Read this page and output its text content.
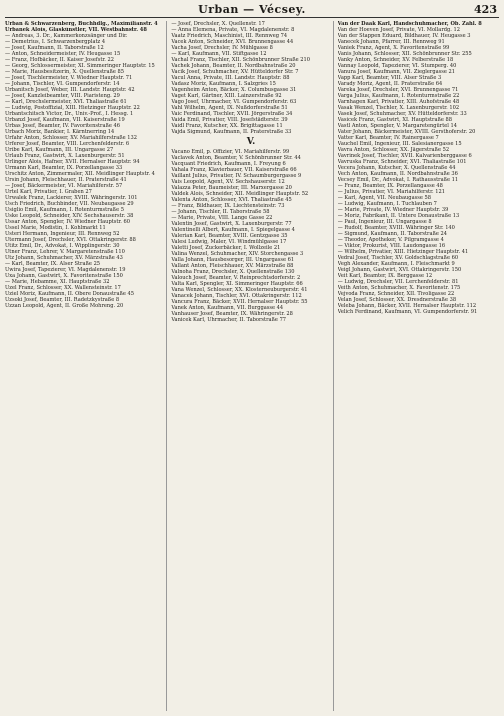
Urban — Vécsey.	423
Urban & Schwarzenberg, Buchhdlg., Maximilianstr. 4
Urbanek Alois, Glaskünstler, VII. Westbahnstr. 48
— Andreas, 3. Dr., Kammerkonzsänger und Dir.
— Demetrius, I. Schwarzenbergplatz 4
— Josef, Kaufmann, II. Taborstraße 12
— Anton, Schneidermeister, IV. Heugasse 15
— Franz, Hofbäcker, II. Kaiser Josefstr. 22
— Georg, Schlossermeister, XI. Simmeringer Hauptstr. 15
— Marie, Hausbesitzerin, X. Quellenstraße 85
— Josef, Tischlermeister, V. Wiedner Hauptstr. 71
— Johann, Tischler, VI. Gumpendorferstr. 14
Urbanitsch Josef, Weber, III. Landstr. Hauptstr. 42
— Josef, Kanzleibeamter, VIII. Piaristeng. 29
— Karl, Drechslermeister, XVI. Thaliastraße 61
— Ludwig, Postoffizial, XIII. Hietzinger Hauptstr. 22
Urbantschitsch Victor, Dr., Univ.-Prof., I. Hessg. 1
Urbanzl Josef, Kaufmann, VII. Kaiserstraße 19
Urbas Josef, Beamter, IV. Favoritenstraße 46
Urbach Moriz, Bankier, I. Kärntnerring 14
Urfahr Anton, Schlosser, XV. Mariahilferstraße 132
Urferer Josef, Beamter, VIII. Lerchenfelderstr. 6
Uribe Karl, Kaufmann, III. Ungargasse 27
Urlaub Franz, Gastwirt, X. Laxenburgerstr. 51
Urlinger Alois, Hafner, XVII. Hernalser Hauptstr. 94
Urmann Karl, Beamter, IX. Porzellangasse 33
Urschitz Anton, Zimmermaler, XII. Meidlinger Hauptstr. 4
Ursin Johann, Fleischhauer, II. Praterstraße 41
— Josef, Bäckermeister, VI. Mariahilferstr. 57
Urtel Karl, Privatier, I. Graben 27
Urwalek Franz, Lackierer, XVIII. Währingerstr. 101
Usch Friedrich, Buchbinder, VII. Neubaugasse 29
Usiglio Emil, Kaufmann, I. Rotenturmstraße 5
Uske Leopold, Schneider, XIV. Sechshauserstr. 38
Ussar Anton, Spengler, IV. Wiedner Hauptstr. 60
Ussel Marie, Modistin, I. Kohlmarkt 11
Usteri Hermann, Ingenieur, III. Rennweg 52
Utermann Josef, Drechsler, XVI. Ottakringerstr. 88
Utitz Emil, Dr., Advokat, I. Wipplingerstr. 30
Utner Franz, Lehrer, V. Margaretenstraße 110
Utz Johann, Schuhmacher, XV. Märzstraße 43
— Karl, Beamter, IX. Alser Straße 25
Uwira Josef, Tapezierer, VI. Magdalenenstr. 19
Uxa Johann, Gastwirt, X. Favoritenstraße 150
— Marie, Hebamme, XI. Hauptstraße 32
Uzel Franz, Schlosser, XX. Wallensteinstr. 17
Uziel Moriz, Kaufmann, II. Obere Donaustraße 45
Uzsoki Josef, Beamter, III. Radetzkystraße 8
Uzzan Leopold, Agent, II. Große Mohreng. 20
— Josef, Drechsler, X. Quellenstr. 17
— Anna Elemena, Private, VI. Magdalenenstr. 8
Vaatz Friedrich, Maschinist, III. Rennweg 74
Vacek Anton, Schneider, XVI. Brunnengasse 44
Vacha Josef, Drechsler, IV. Mühlgasse 8
— Karl, Kaufmann, VII. Stiftgasse 12
Vachal Franz, Tischler, XII. Schönbrunner Straße 210
Vachek Johann, Beamter, II. Nordbahnstraße 20
Vacik Josef, Schuhmacher, XV. Hütteldorfer Str. 7
Vacul Anna, Private, III. Landstr. Hauptstr. 88
Vadasz Moriz, Kaufmann, I. Salzgries 15
Vagenheim Anton, Bäcker, X. Columbusgasse 31
Vaget Karl, Gärtner, XIII. Lainzerstraße 92
Vago Josef, Uhrmacher, VI. Gumpendorferstr. 63
Vahl Wilhelm, Agent, IX. Nußdorferstraße 51
Vaic Ferdinand, Tischler, XVII. Jörgerstraße 34
Vaida Emil, Privatier, VIII. Josefstädterstr. 39
Vaidl Franz, Kutscher, XX. Brigittagasse 11
Vajda Sigmund, Kaufmann, II. Praterstraße 33
V.
Vacano Emil, p. Offizier, VI. Mariahilferstr. 99
Vaclavek Anton, Beamter, V. Schönbrunner Str. 44
Vacquant Friedrich, Kaufmann, I. Freyung 6
Vahala Franz, Klavierbauer, VII. Kaiserstraße 66
Vaillant Julius, Privatier, IV. Schaumburgergasse 9
Vais Leopold, Agent, XV. Sechshauserstr. 12
Valazza Peter, Baumeister, III. Marxergasse 20
Valdek Alois, Schneider, XII. Meidlinger Hauptstr. 52
Valenta Anton, Schlosser, XVI. Thaliastraße 45
— Franz, Bildhauer, IX. Liechtensteinstr. 73
— Johann, Tischler, II. Taborstraße 58
— Marie, Private, VIII. Lange Gasse 22
Valentin Josef, Gastwirt, X. Laxenburgerstr. 77
Valentinelli Albert, Kaufmann, I. Spiegelgasse 4
Valerian Karl, Beamter, XVIII. Gentzgasse 35
Valesi Ludwig, Maler, VI. Windmühlgasse 17
Valetti Josef, Zuckerbäcker, I. Wollzeile 21
Valina Wenzel, Schuhmacher, XIV. Storchengasse 3
Valla Johann, Hausbesorger, III. Ungargasse 61
Vallant Anton, Fleischhauer, XV. Märzstraße 88
Valnoha Franz, Drechsler, X. Quellenstraße 130
Valouch Josef, Beamter, V. Reinprechtsdorferstr. 2
Valta Karl, Spengler, XI. Simmeringer Hauptstr. 66
Vana Wenzel, Schlosser, XX. Klosterneuburgerstr. 41
Vanacek Johann, Tischler, XVI. Ottakringerstr. 112
Vancura Franz, Bäcker, XVII. Hernalser Hauptstr. 55
Vanek Anton, Kaufmann, VII. Burggasse 44
Vanhauser Josef, Beamter, IX. Währingerstr. 28
Vanicek Karl, Uhrmacher, II. Taborstraße 77
Van der Daak Karl, Handschuhmacher, Ob. Zahl. 8
Van der Hoeven Josef, Private, VI. Mollardg. 12
Van der Stappen Eduard, Bildhauer, IV. Heugasse 3
Vanecek Johann, Pfarrer, III. Rennweg 91
Vaniek Franz, Agent, X. Favoritenstraße 99
Vanis Johann, Schlosser, XII. Schönbrunner Str. 255
Vanky Anton, Schneider, XV. Felberstraße 18
Vannay Leopold, Tapezierer, VI. Stumperg. 40
Vanura Josef, Kaufmann, VII. Zieglergasse 21
Vapp Karl, Beamter, VIII. Alser Straße 3
Varady Moriz, Agent, II. Praterstraße 64
Vareka Josef, Drechsler, XVI. Brunnengasse 71
Varga Julius, Kaufmann, I. Rotenturmstraße 22
Varnhagen Karl, Privatier, XIII. Auhofstraße 48
Vasak Wenzel, Tischler, X. Laxenburgerstr. 102
Vasek Josef, Schuhmacher, XV. Hütteldorferstr. 33
Vasicek Franz, Gastwirt, XI. Hauptstraße 88
Vastl Anton, Spengler, V. Margaretengürtel 14
Vater Johann, Bäckermeister, XVIII. Gersthoferstr. 20
Vatter Karl, Beamter, IV. Rainergasse 7
Vauchel Emil, Ingenieur, III. Salesianergasse 15
Vavra Anton, Schlosser, XX. Jägerstraße 52
Vavrinek Josef, Tischler, XVII. Kalvarienberggasse 6
Vavruska Franz, Schneider, XVI. Thaliastraße 101
Vecera Johann, Kutscher, X. Quellenstraße 44
Vech Anton, Kaufmann, II. Nordbahnstraße 36
Vecsey Emil, Dr., Advokat, I. Rathausstraße 11
— Franz, Beamter, IX. Porzellangasse 48
— Julius, Privatier, VI. Mariahilferstr. 121
— Karl, Agent, VII. Neubaugasse 58
— Ludwig, Kaufmann, I. Tuchlauben 7
— Marie, Private, IV. Wiedner Hauptstr. 39
— Moriz, Fabrikant, II. Untere Donaustraße 13
— Paul, Ingenieur, III. Ungargasse 8
— Rudolf, Beamter, XVIII. Währinger Str. 140
— Sigmund, Kaufmann, II. Taborstraße 24
— Theodor, Apotheker, V. Pilgramgasse 4
— Viktor, Prokurist, VIII. Laudongasse 16
— Wilhelm, Privatier, XIII. Hietzinger Hauptstr. 41
Vedral Josef, Tischler, XV. Goldschlagstraße 60
Vegh Alexander, Kaufmann, I. Fleischmarkt 9
Veigl Johann, Gastwirt, XVI. Ottakringerstr. 150
Veit Karl, Beamter, IX. Berggasse 12
— Ludwig, Drechsler, VII. Lerchenfelderstr. 81
Veith Anton, Schuhmacher, X. Favoritenstr. 175
Vejvoda Franz, Schneider, XII. Tivoligasse 22
Velan Josef, Schlosser, XX. Dresdnerstraße 38
Veleba Johann, Bäcker, XVII. Hernalser Hauptstr. 112
Velich Ferdinand, Kaufmann, VI. Gumpendorferstr. 91
